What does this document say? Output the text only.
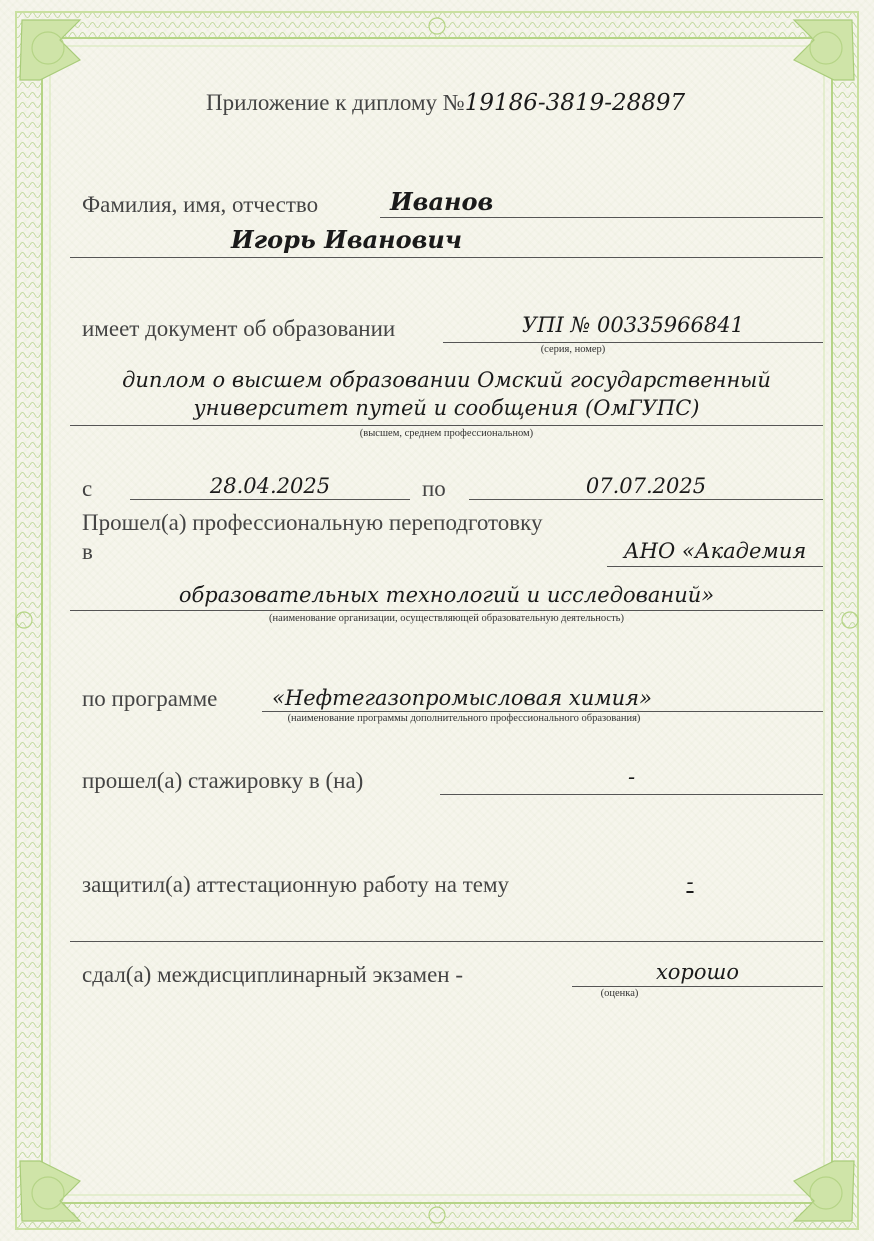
Приложение к диплому №19186-3819-28897
Фамилия, имя, отчество	Иванов
Игорь Иванович
имеет документ об образовании	УПІ № 00335966841
(серия, номер)
диплом о высшем образовании Омский государственный
университет путей и сообщения (ОмГУПС)
(высшем, среднем профессиональном)
с	28.04.2025	по	07.07.2025
Прошел(а) профессиональную переподготовку
в	АНО «Академия
образовательных технологий и исследований»
(наименование организации, осуществляющей образовательную деятельность)
по программе	«Нефтегазопромысловая химия»
(наименование программы дополнительного профессионального образования)
прошел(а) стажировку в (на)	-
защитил(а) аттестационную работу на тему	-
сдал(а) междисциплинарный экзамен -	хорошо
(оценка)
